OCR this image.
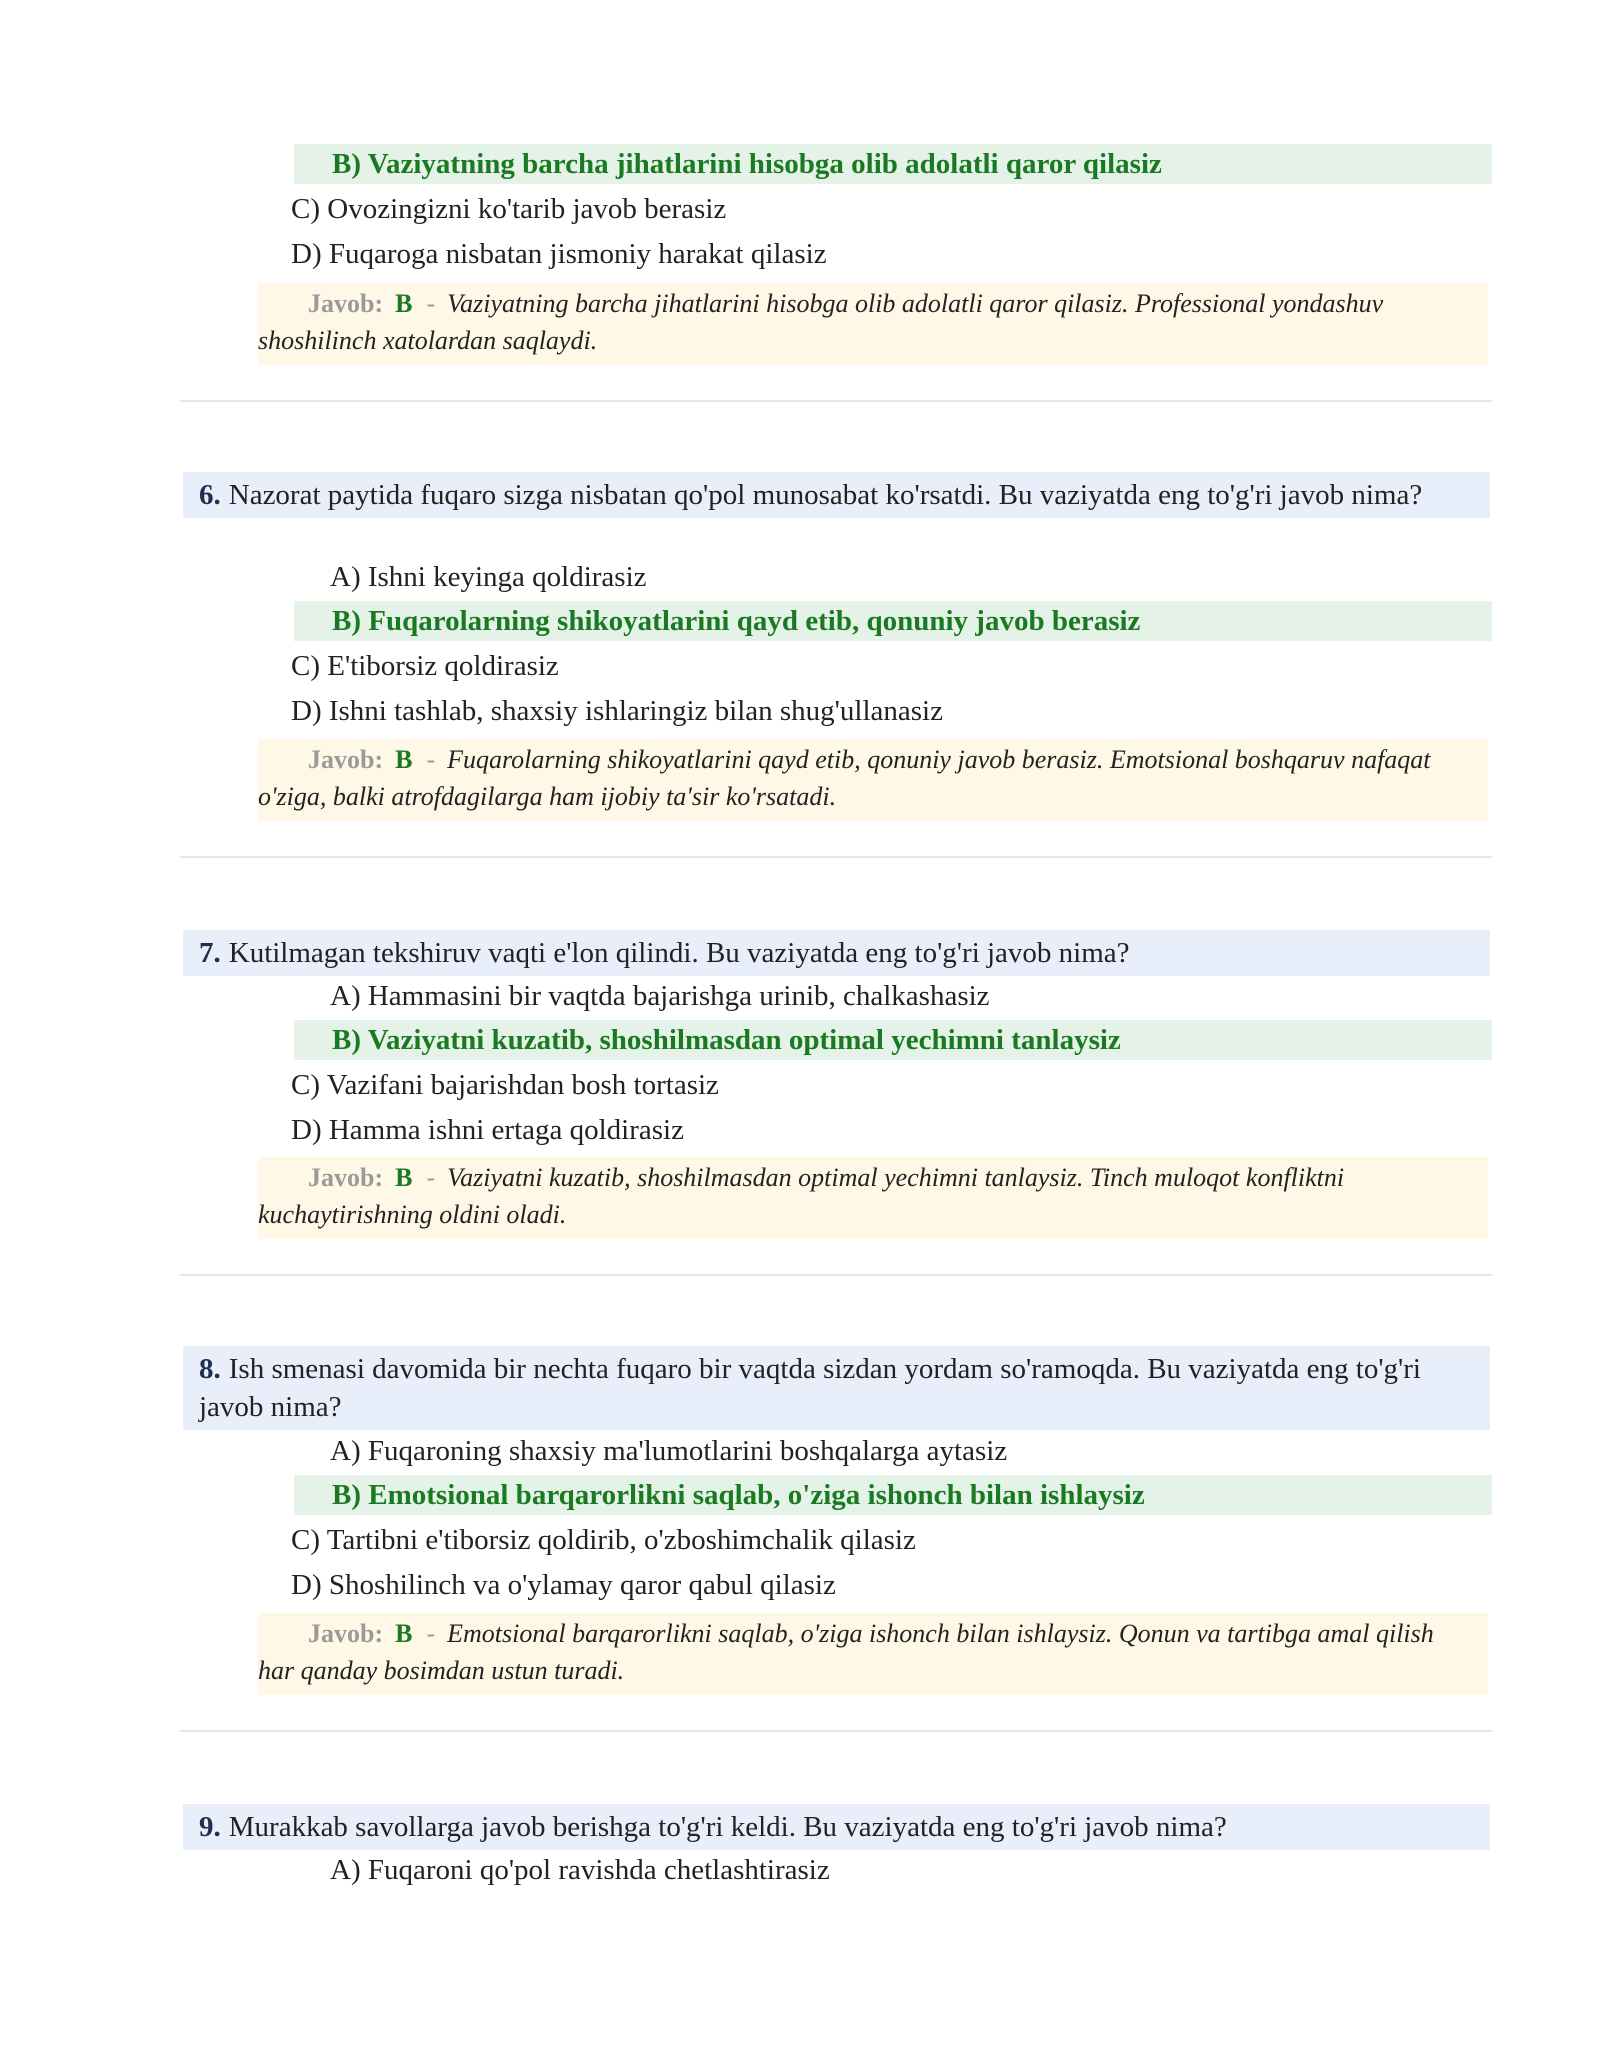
B) Vaziyatning barcha jihatlarini hisobga olib adolatli qaror qilasiz
C) Ovozingizni ko'tarib javob berasiz
D) Fuqaroga nisbatan jismoniy harakat qilasiz
Javob: B - Vaziyatning barcha jihatlarini hisobga olib adolatli qaror qilasiz. Professional yondashuv shoshilinch xatolardan saqlaydi.
6. Nazorat paytida fuqaro sizga nisbatan qo'pol munosabat ko'rsatdi. Bu vaziyatda eng to'g'ri javob nima?
A) Ishni keyinga qoldirasiz
B) Fuqarolarning shikoyatlarini qayd etib, qonuniy javob berasiz
C) E'tiborsiz qoldirasiz
D) Ishni tashlab, shaxsiy ishlaringiz bilan shug'ullanasiz
Javob: B - Fuqarolarning shikoyatlarini qayd etib, qonuniy javob berasiz. Emotsional boshqaruv nafaqat o'ziga, balki atrofdagilarga ham ijobiy ta'sir ko'rsatadi.
7. Kutilmagan tekshiruv vaqti e'lon qilindi. Bu vaziyatda eng to'g'ri javob nima?
A) Hammasini bir vaqtda bajarishga urinib, chalkashasiz
B) Vaziyatni kuzatib, shoshilmasdan optimal yechimni tanlaysiz
C) Vazifani bajarishdan bosh tortasiz
D) Hamma ishni ertaga qoldirasiz
Javob: B - Vaziyatni kuzatib, shoshilmasdan optimal yechimni tanlaysiz. Tinch muloqot konfliktni kuchaytirishning oldini oladi.
8. Ish smenasi davomida bir nechta fuqaro bir vaqtda sizdan yordam so'ramoqda. Bu vaziyatda eng to'g'ri javob nima?
A) Fuqaroning shaxsiy ma'lumotlarini boshqalarga aytasiz
B) Emotsional barqarorlikni saqlab, o'ziga ishonch bilan ishlaysiz
C) Tartibni e'tiborsiz qoldirib, o'zboshimchalik qilasiz
D) Shoshilinch va o'ylamay qaror qabul qilasiz
Javob: B - Emotsional barqarorlikni saqlab, o'ziga ishonch bilan ishlaysiz. Qonun va tartibga amal qilish har qanday bosimdan ustun turadi.
9. Murakkab savollarga javob berishga to'g'ri keldi. Bu vaziyatda eng to'g'ri javob nima?
A) Fuqaroni qo'pol ravishda chetlashtirasiz
